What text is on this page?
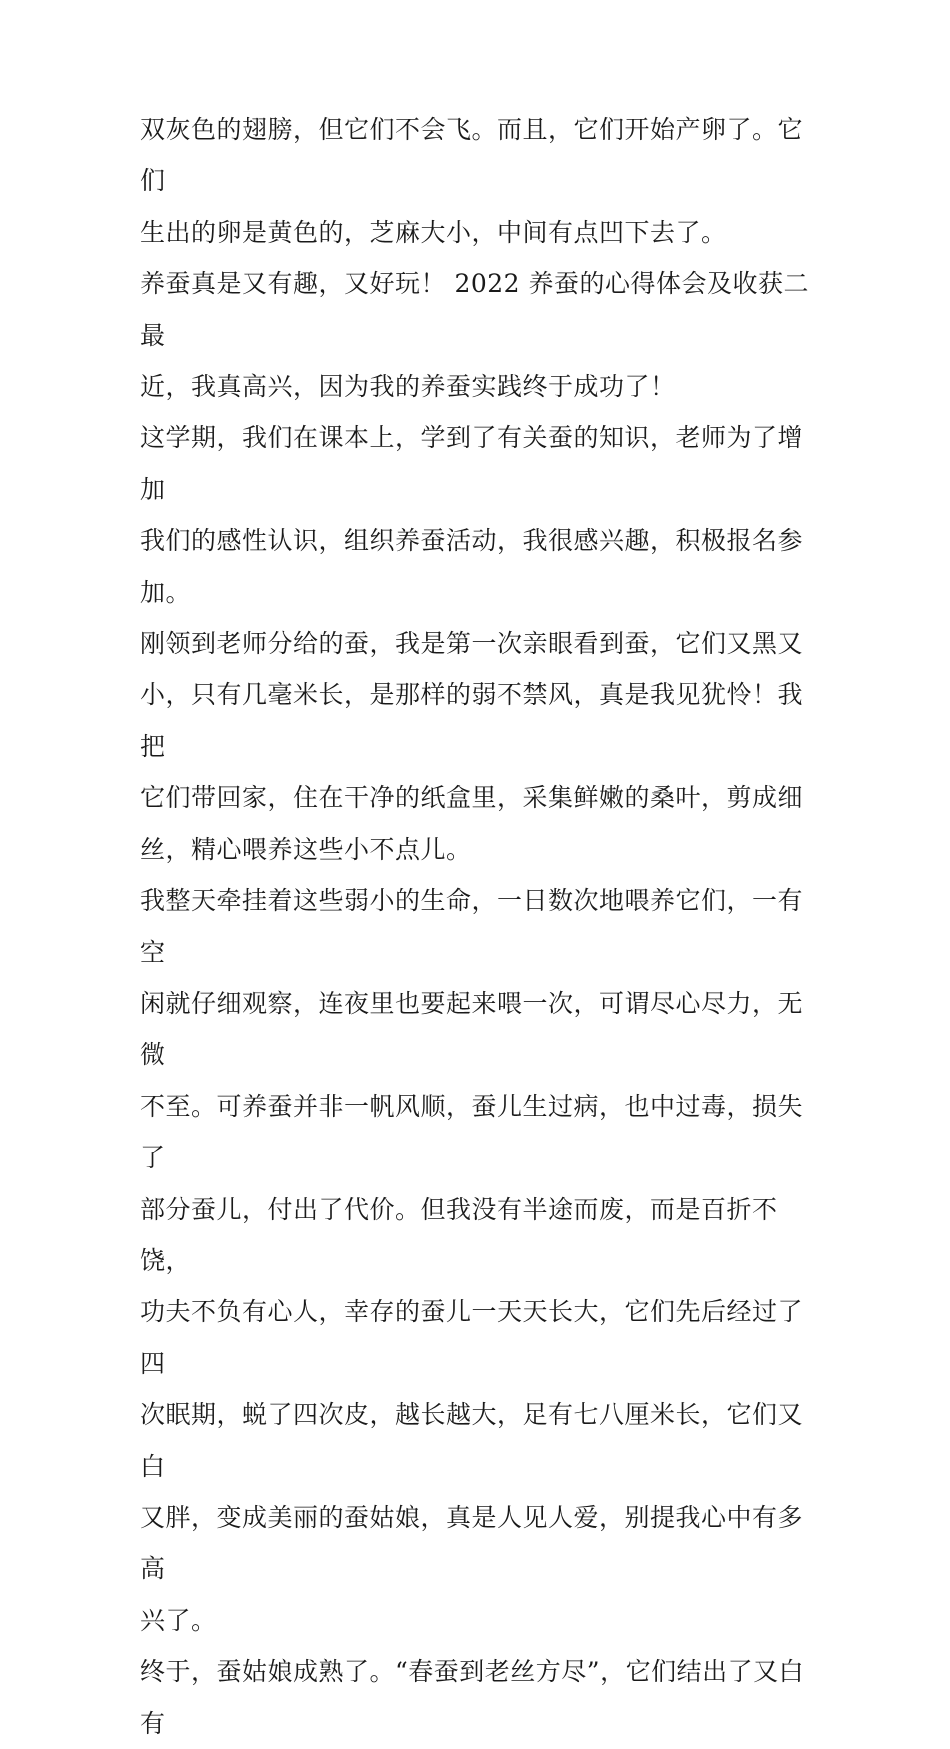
双灰色的翅膀，但它们不会飞。而且，它们开始产卵了。它们
生出的卵是黄色的，芝麻大小，中间有点凹下去了。

养蚕真是又有趣，又好玩！ 2022 养蚕的心得体会及收获二 最
近，我真高兴，因为我的养蚕实践终于成功了！

这学期，我们在课本上，学到了有关蚕的知识，老师为了增加
我们的感性认识，组织养蚕活动，我很感兴趣，积极报名参
加。

刚领到老师分给的蚕，我是第一次亲眼看到蚕，它们又黑又
小，只有几毫米长，是那样的弱不禁风，真是我见犹怜！我把
它们带回家，住在干净的纸盒里，采集鲜嫩的桑叶，剪成细
丝，精心喂养这些小不点儿。

我整天牵挂着这些弱小的生命，一日数次地喂养它们，一有空
闲就仔细观察，连夜里也要起来喂一次，可谓尽心尽力，无微
不至。可养蚕并非一帆风顺，蚕儿生过病，也中过毒，损失了
部分蚕儿，付出了代价。但我没有半途而废，而是百折不饶，
功夫不负有心人，幸存的蚕儿一天天长大，它们先后经过了四
次眠期，蜕了四次皮，越长越大，足有七八厘米长，它们又白
又胖，变成美丽的蚕姑娘，真是人见人爱，别提我心中有多高
兴了。

终于，蚕姑娘成熟了。“春蚕到老丝方尽”，它们结出了又白有
